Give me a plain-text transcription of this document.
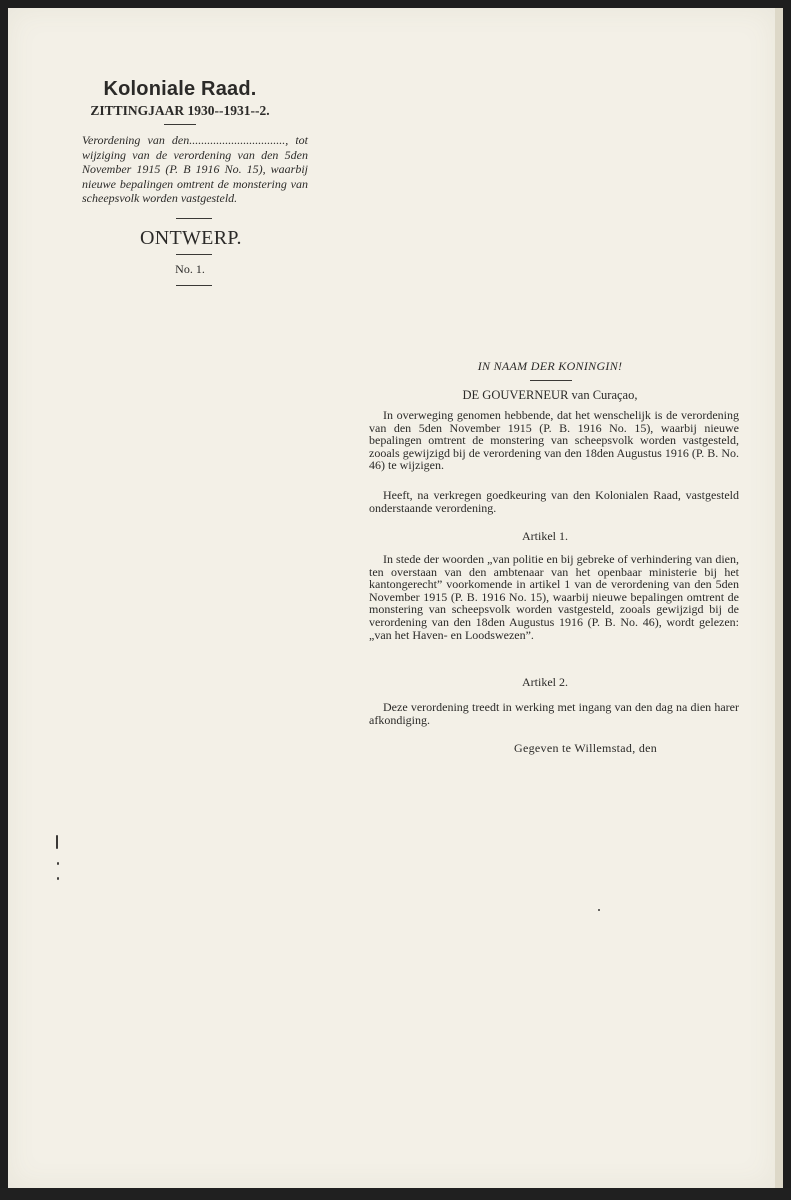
Koloniale Raad.
ZITTINGJAAR 1930--1931--2.
Verordening van den................................, tot wijziging van de verordening van den 5den November 1915 (P. B 1916 No. 15), waarbij nieuwe bepalingen omtrent de monstering van scheepsvolk worden vastgesteld.
ONTWERP.
No. 1.
IN NAAM DER KONINGIN!
DE GOUVERNEUR van Curaçao,
In overweging genomen hebbende, dat het wenschelijk is de verordening van den 5den November 1915 (P. B. 1916 No. 15), waarbij nieuwe bepalingen omtrent de monstering van scheepsvolk worden vastgesteld, zooals gewijzigd bij de verordening van den 18den Augustus 1916 (P. B. No. 46) te wijzigen.
Heeft, na verkregen goedkeuring van den Kolonialen Raad, vastgesteld onderstaande verordening.
Artikel 1.
In stede der woorden „van politie en bij gebreke of verhindering van dien, ten overstaan van den ambtenaar van het openbaar ministerie bij het kantongerecht” voorkomende in artikel 1 van de verordening van den 5den November 1915 (P. B. 1916 No. 15), waarbij nieuwe bepalingen omtrent de monstering van scheepsvolk worden vastgesteld, zooals gewijzigd bij de verordening van den 18den Augustus 1916 (P. B. No. 46), wordt gelezen: „van het Haven- en Loodswezen”.
Artikel 2.
Deze verordening treedt in werking met ingang van den dag na dien harer afkondiging.
Gegeven te Willemstad, den
